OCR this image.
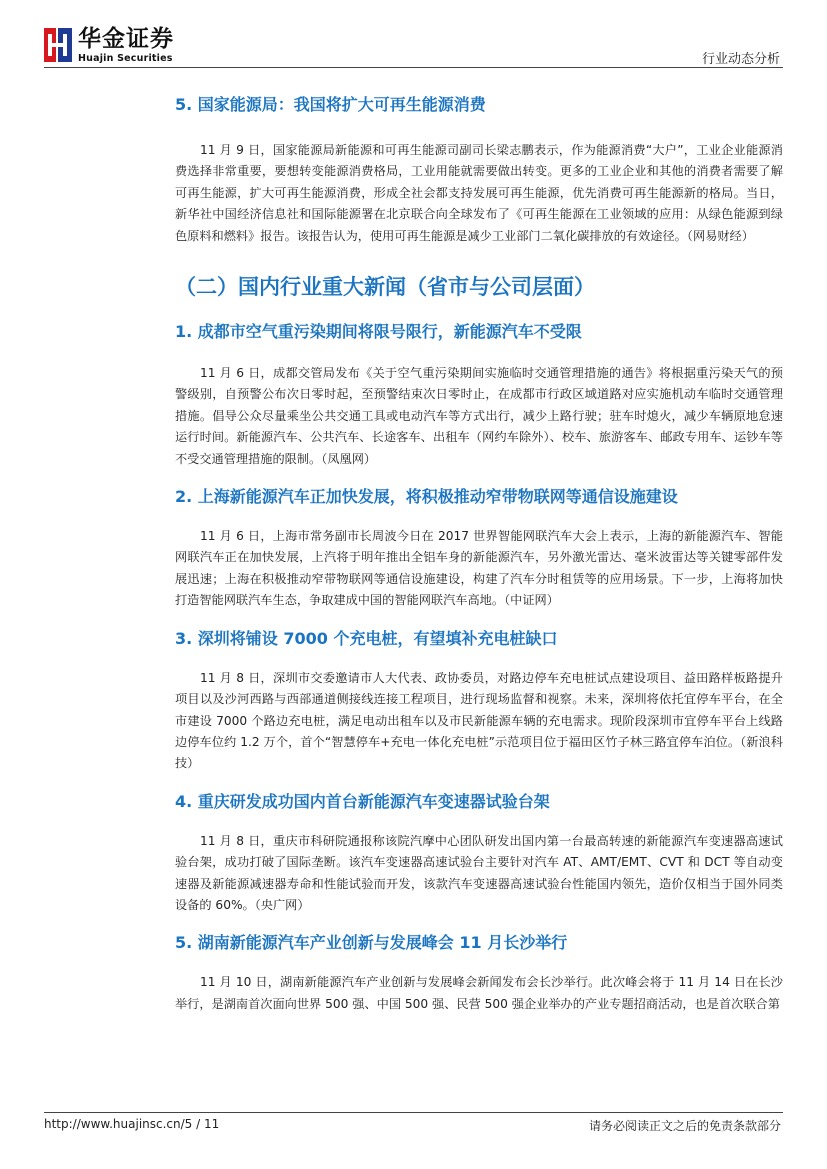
华金证券
Huajin Securities	行业动态分析
5. 国家能源局：我国将扩大可再生能源消费

11 月 9 日，国家能源局新能源和可再生能源司副司长梁志鹏表示，作为能源消费“大户”，工业企业能源消费选择非常重要，要想转变能源消费格局，工业用能就需要做出转变。更多的工业企业和其他的消费者需要了解可再生能源，扩大可再生能源消费，形成全社会都支持发展可再生能源，优先消费可再生能源新的格局。当日，新华社中国经济信息社和国际能源署在北京联合向全球发布了《可再生能源在工业领域的应用：从绿色能源到绿色原料和燃料》报告。该报告认为，使用可再生能源是减少工业部门二氧化碳排放的有效途径。（网易财经）

（二）国内行业重大新闻（省市与公司层面）
1. 成都市空气重污染期间将限号限行，新能源汽车不受限

11 月 6 日，成都交管局发布《关于空气重污染期间实施临时交通管理措施的通告》将根据重污染天气的预警级别，自预警公布次日零时起，至预警结束次日零时止，在成都市行政区域道路对应实施机动车临时交通管理措施。倡导公众尽量乘坐公共交通工具或电动汽车等方式出行，减少上路行驶；驻车时熄火，减少车辆原地怠速运行时间。新能源汽车、公共汽车、长途客车、出租车（网约车除外）、校车、旅游客车、邮政专用车、运钞车等不受交通管理措施的限制。（凤凰网）

2. 上海新能源汽车正加快发展，将积极推动窄带物联网等通信设施建设

11 月 6 日，上海市常务副市长周波今日在 2017 世界智能网联汽车大会上表示，上海的新能源汽车、智能网联汽车正在加快发展，上汽将于明年推出全铝车身的新能源汽车，另外激光雷达、毫米波雷达等关键零部件发展迅速；上海在积极推动窄带物联网等通信设施建设，构建了汽车分时租赁等的应用场景。下一步，上海将加快打造智能网联汽车生态，争取建成中国的智能网联汽车高地。（中证网）

3. 深圳将铺设 7000 个充电桩，有望填补充电桩缺口

11 月 8 日，深圳市交委邀请市人大代表、政协委员，对路边停车充电桩试点建设项目、益田路样板路提升项目以及沙河西路与西部通道侧接线连接工程项目，进行现场监督和视察。未来，深圳将依托宜停车平台，在全市建设 7000 个路边充电桩，满足电动出租车以及市民新能源车辆的充电需求。现阶段深圳市宜停车平台上线路边停车位约 1.2 万个，首个“智慧停车+充电一体化充电桩”示范项目位于福田区竹子林三路宜停车泊位。（新浪科技）

4. 重庆研发成功国内首台新能源汽车变速器试验台架

11 月 8 日，重庆市科研院通报称该院汽摩中心团队研发出国内第一台最高转速的新能源汽车变速器高速试验台架，成功打破了国际垄断。该汽车变速器高速试验台主要针对汽车 AT、AMT/EMT、CVT 和 DCT 等自动变速器及新能源减速器寿命和性能试验而开发，该款汽车变速器高速试验台性能国内领先，造价仅相当于国外同类设备的 60%。（央广网）

5. 湖南新能源汽车产业创新与发展峰会 11 月长沙举行

11 月 10 日，湖南新能源汽车产业创新与发展峰会新闻发布会长沙举行。此次峰会将于 11 月 14 日在长沙举行，是湖南首次面向世界 500 强、中国 500 强、民营 500 强企业举办的产业专题招商活动，也是首次联合第

http://www.huajinsc.cn/5 / 11	请务必阅读正文之后的免责条款部分
